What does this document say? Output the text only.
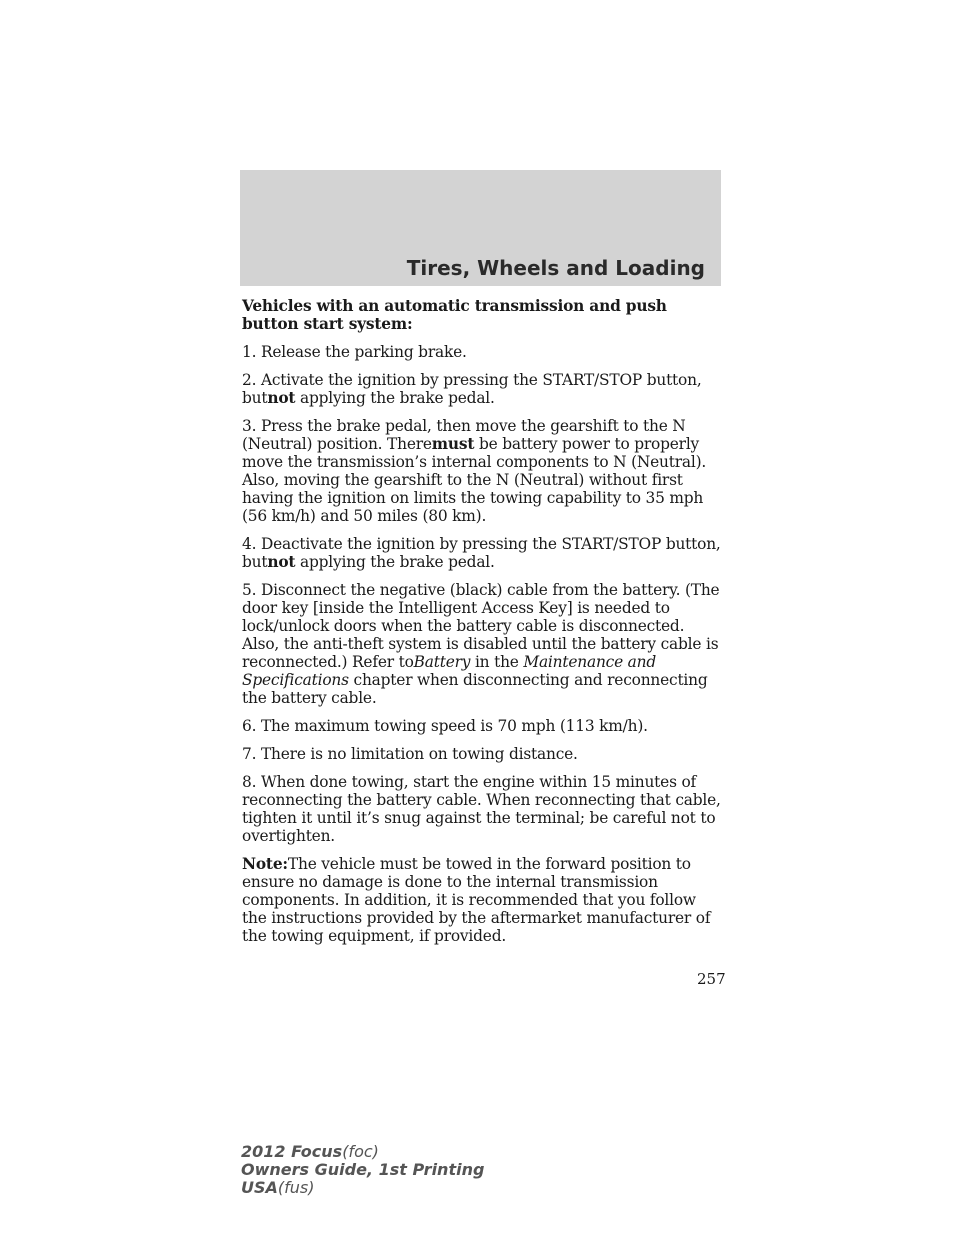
Tires, Wheels and Loading

Vehicles with an automatic transmission and push button start system:

1. Release the parking brake.

2. Activate the ignition by pressing the START/STOP button, butnot applying the brake pedal.

3. Press the brake pedal, then move the gearshift to the N (Neutral) position. Theremust be battery power to properly move the transmission’s internal components to N (Neutral). Also, moving the gearshift to the N (Neutral) without first having the ignition on limits the towing capability to 35 mph (56 km/h) and 50 miles (80 km).

4. Deactivate the ignition by pressing the START/STOP button, butnot applying the brake pedal.

5. Disconnect the negative (black) cable from the battery. (The door key [inside the Intelligent Access Key] is needed to lock/unlock doors when the battery cable is disconnected. Also, the anti-theft system is disabled until the battery cable is reconnected.) Refer toBattery in the Maintenance and Specifications chapter when disconnecting and reconnecting the battery cable.

6. The maximum towing speed is 70 mph (113 km/h).

7. There is no limitation on towing distance.

8. When done towing, start the engine within 15 minutes of reconnecting the battery cable. When reconnecting that cable, tighten it until it’s snug against the terminal; be careful not to overtighten.

Note:The vehicle must be towed in the forward position to ensure no damage is done to the internal transmission components. In addition, it is recommended that you follow the instructions provided by the aftermarket manufacturer of the towing equipment, if provided.

257
2012 Focus(foc)
Owners Guide, 1st Printing
USA(fus)
